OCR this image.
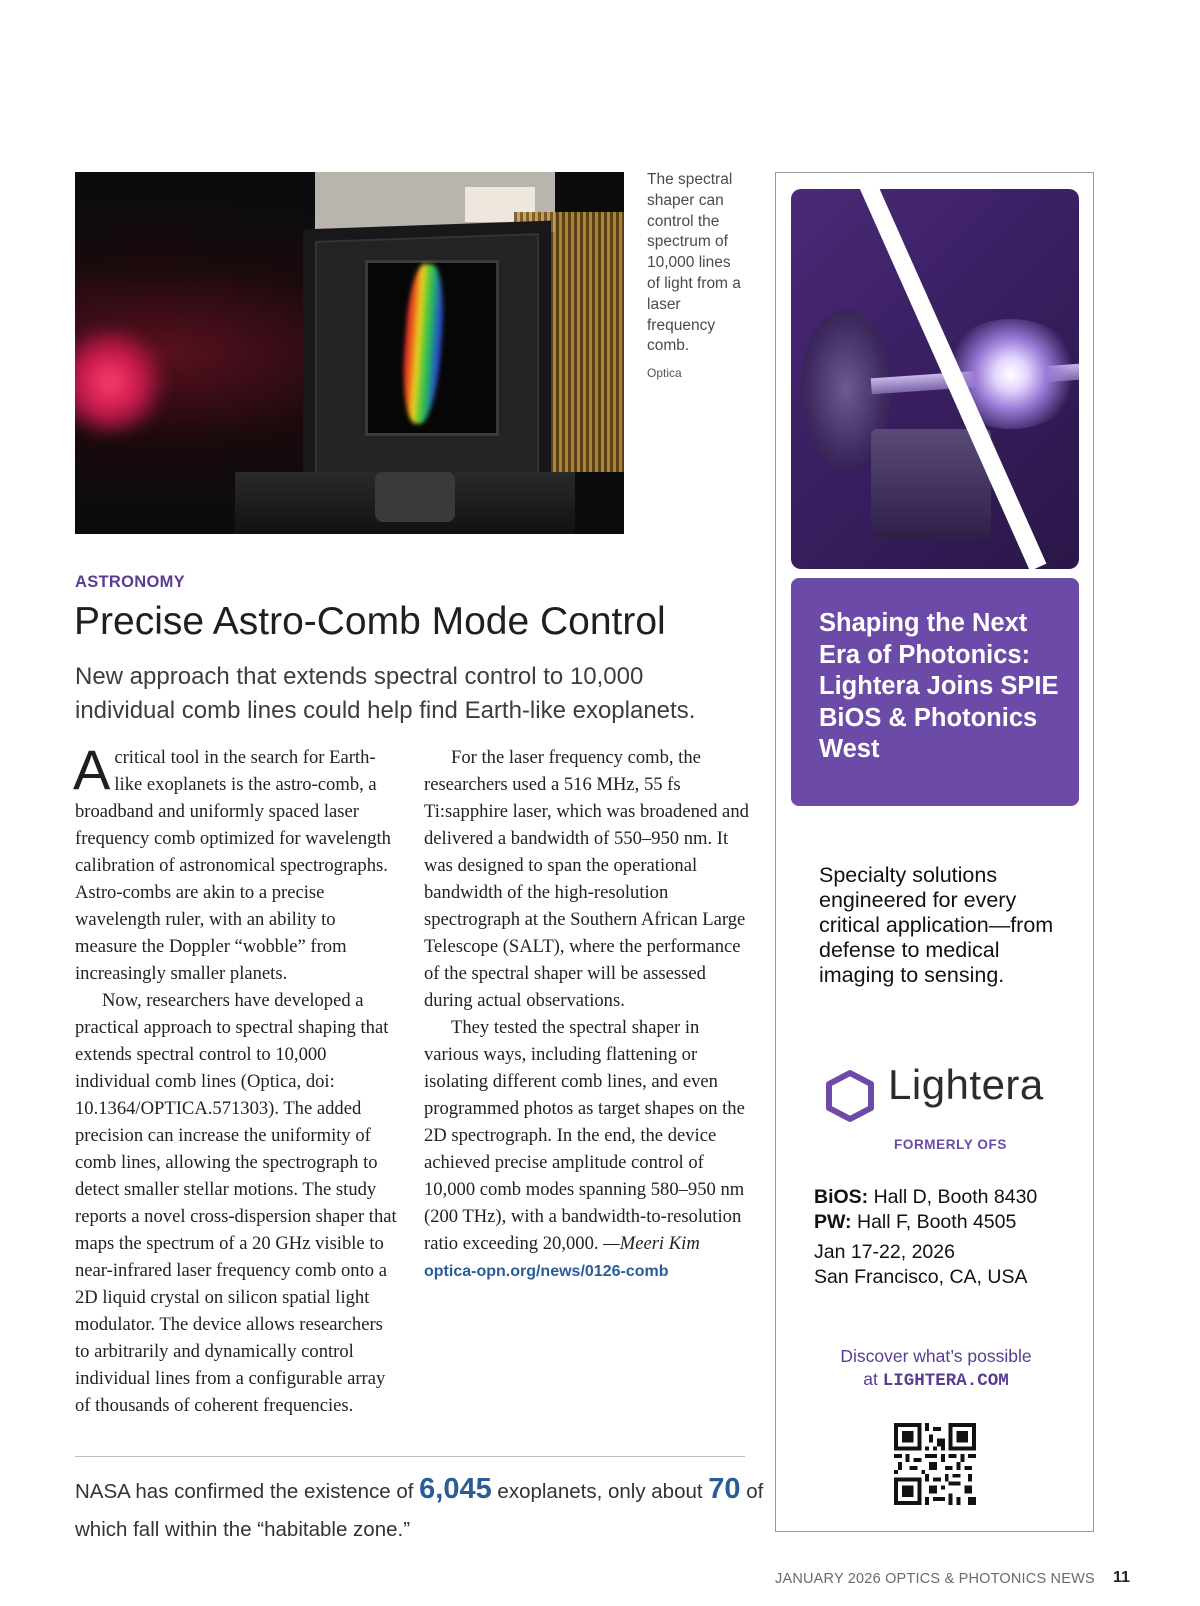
The spectral shaper can control the spectrum of 10,000 lines of light from a laser frequency comb.
Optica
ASTRONOMY
Precise Astro-Comb Mode Control
New approach that extends spectral control to 10,000 individual comb lines could help find Earth-like exoplanets.

A critical tool in the search for Earth-like exoplanets is the astro-comb, a broadband and uniformly spaced laser frequency comb optimized for wavelength calibration of astronomical spectrographs. Astro-combs are akin to a precise wavelength ruler, with an ability to measure the Doppler “wobble” from increasingly smaller planets.

Now, researchers have developed a practical approach to spectral shaping that extends spectral control to 10,000 individual comb lines (Optica, doi: 10.1364/OPTICA.571303). The added precision can increase the uniformity of comb lines, allowing the spectrograph to detect smaller stellar motions. The study reports a novel cross-dispersion shaper that maps the spectrum of a 20 GHz visible to near-infrared laser frequency comb onto a 2D liquid crystal on silicon spatial light modulator. The device allows researchers to arbitrarily and dynamically control individual lines from a configurable array of thousands of coherent frequencies.

For the laser frequency comb, the researchers used a 516 MHz, 55 fs Ti:sapphire laser, which was broadened and delivered a bandwidth of 550–950 nm. It was designed to span the operational bandwidth of the high-resolution spectrograph at the Southern African Large Telescope (SALT), where the performance of the spectral shaper will be assessed during actual observations.

They tested the spectral shaper in various ways, including flattening or isolating different comb lines, and even programmed photos as target shapes on the 2D spectrograph. In the end, the device achieved precise amplitude control of 10,000 comb modes spanning 580–950 nm (200 THz), with a bandwidth-to-resolution ratio exceeding 20,000. —Meeri Kim

optica-opn.org/news/0126-comb
NASA has confirmed the existence of 6,045 exoplanets, only about 70 of which fall within the “habitable zone.”
Shaping the Next Era of Photonics: Lightera Joins SPIE BiOS & Photonics West
Specialty solutions engineered for every critical application—from defense to medical imaging to sensing.
Lightera
FORMERLY OFS
BiOS: Hall D, Booth 8430
PW: Hall F, Booth 4505
Jan 17-22, 2026
San Francisco, CA, USA
Discover what’s possible
at LIGHTERA.COM
JANUARY 2026 OPTICS & PHOTONICS NEWS 11
